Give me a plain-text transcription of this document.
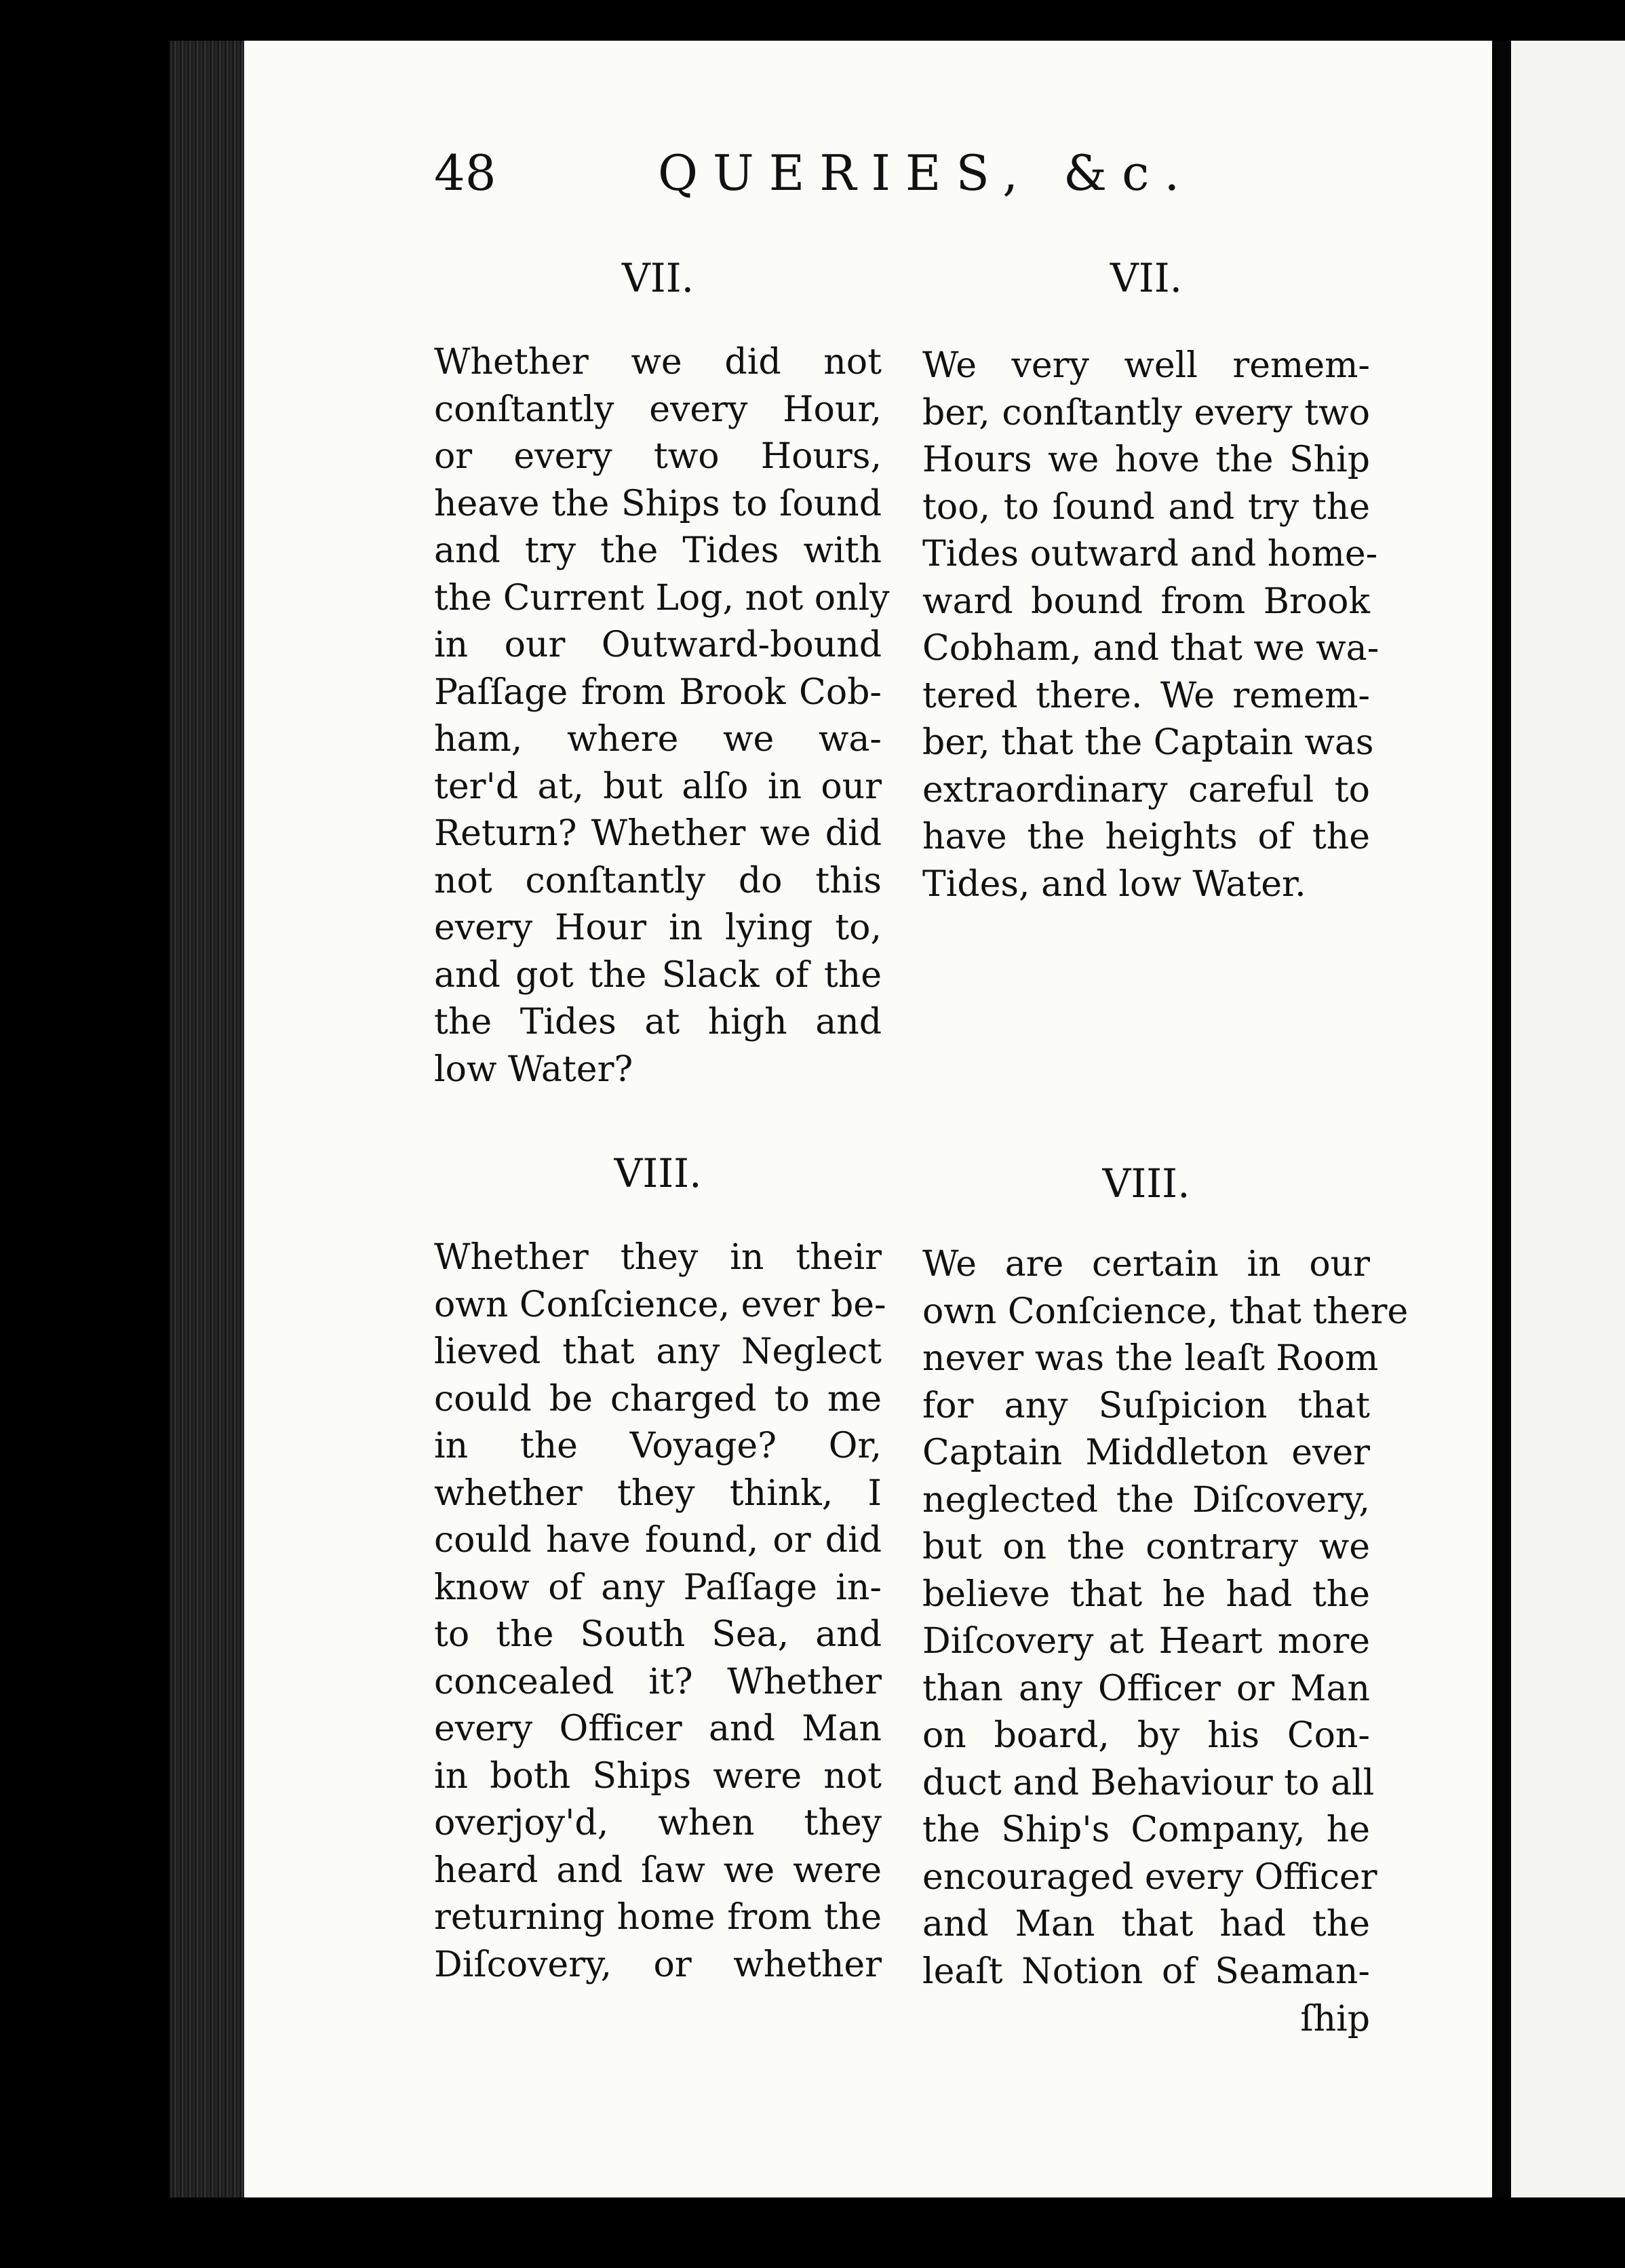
48	QUERIES, &c.
VII.
Whether we did not
conſtantly every Hour,
or every two Hours,
heave the Ships to ſound
and try the Tides with
the Current Log, not only
in our Outward-bound
Paſſage from Brook Cob-
ham, where we wa-
ter'd at, but alſo in our
Return? Whether we did
not conſtantly do this
every Hour in lying to,
and got the Slack of the
the Tides at high and
low Water?
VIII.
Whether they in their
own Conſcience, ever be-
lieved that any Neglect
could be charged to me
in the Voyage? Or,
whether they think, I
could have found, or did
know of any Paſſage in-
to the South Sea, and
concealed it? Whether
every Officer and Man
in both Ships were not
overjoy'd, when they
heard and ſaw we were
returning home from the
Diſcovery, or whether
VII.
We very well remem-
ber, conſtantly every two
Hours we hove the Ship
too, to ſound and try the
Tides outward and home-
ward bound from Brook
Cobham, and that we wa-
tered there. We remem-
ber, that the Captain was
extraordinary careful to
have the heights of the
Tides, and low Water.
VIII.
We are certain in our
own Conſcience, that there
never was the leaſt Room
for any Suſpicion that
Captain Middleton ever
neglected the Diſcovery,
but on the contrary we
believe that he had the
Diſcovery at Heart more
than any Officer or Man
on board, by his Con-
duct and Behaviour to all
the Ship's Company, he
encouraged every Officer
and Man that had the
leaſt Notion of Seaman-
ſhip
